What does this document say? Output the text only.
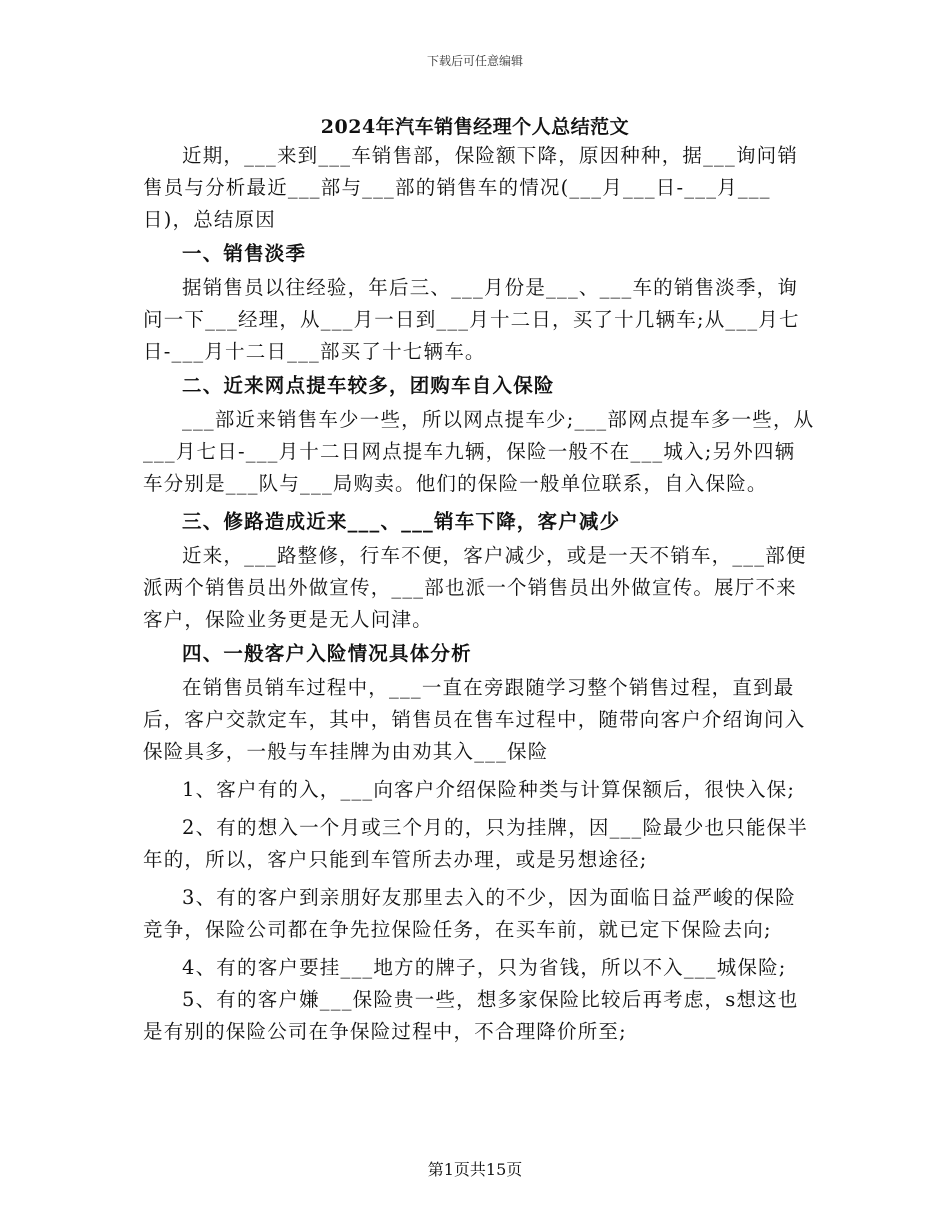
下载后可任意编辑
2024年汽车销售经理个人总结范文

近期，___来到___车销售部，保险额下降，原因种种，据___询问销售员与分析最近___部与___部的销售车的情况(___月___日-___月___日)，总结原因

一、销售淡季

据销售员以往经验，年后三、___月份是___、___车的销售淡季，询问一下___经理，从___月一日到___月十二日，买了十几辆车;从___月七日-___月十二日___部买了十七辆车。

二、近来网点提车较多，团购车自入保险

___部近来销售车少一些，所以网点提车少;___部网点提车多一些，从___月七日-___月十二日网点提车九辆，保险一般不在___城入;另外四辆车分别是___队与___局购卖。他们的保险一般单位联系，自入保险。

三、修路造成近来___、___销车下降，客户减少

近来，___路整修，行车不便，客户减少，或是一天不销车，___部便派两个销售员出外做宣传，___部也派一个销售员出外做宣传。展厅不来客户，保险业务更是无人问津。

四、一般客户入险情况具体分析

在销售员销车过程中，___一直在旁跟随学习整个销售过程，直到最后，客户交款定车，其中，销售员在售车过程中，随带向客户介绍询问入保险具多，一般与车挂牌为由劝其入___保险

1、客户有的入，___向客户介绍保险种类与计算保额后，很快入保;

2、有的想入一个月或三个月的，只为挂牌，因___险最少也只能保半年的，所以，客户只能到车管所去办理，或是另想途径;

3、有的客户到亲朋好友那里去入的不少，因为面临日益严峻的保险竞争，保险公司都在争先拉保险任务，在买车前，就已定下保险去向;

4、有的客户要挂___地方的牌子，只为省钱，所以不入___城保险;

5、有的客户嫌___保险贵一些，想多家保险比较后再考虑，s想这也是有别的保险公司在争保险过程中，不合理降价所至;

第1页共15页
